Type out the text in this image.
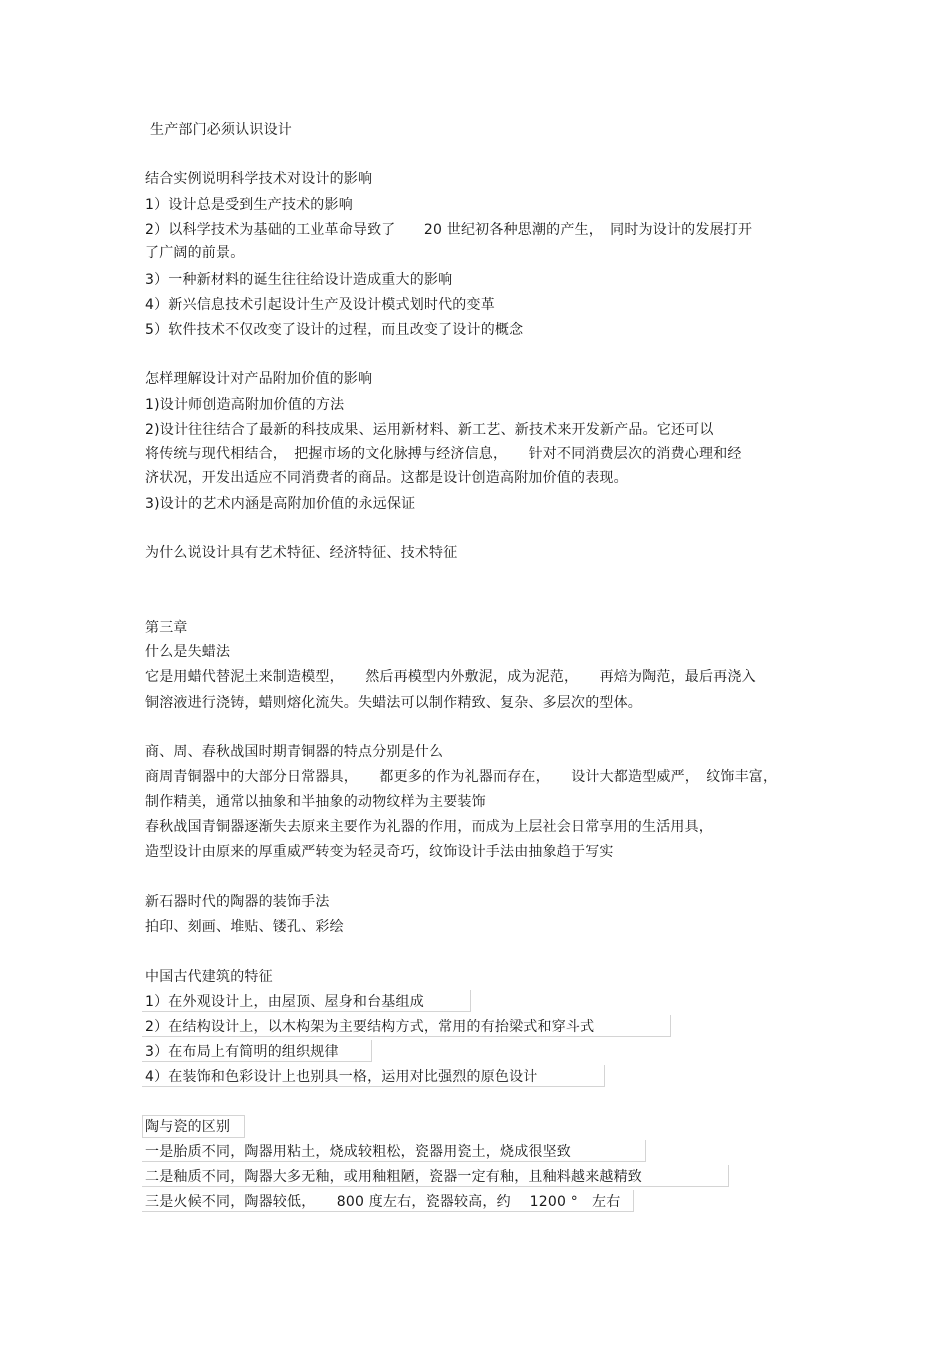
生产部门必须认识设计
结合实例说明科学技术对设计的影响
1）设计总是受到生产技术的影响
2）以科学技术为基础的工业革命导致了　　20 世纪初各种思潮的产生，　同时为设计的发展打开
了广阔的前景。
3）一种新材料的诞生往往给设计造成重大的影响
4）新兴信息技术引起设计生产及设计模式划时代的变革
5）软件技术不仅改变了设计的过程，而且改变了设计的概念
怎样理解设计对产品附加价值的影响
1)设计师创造高附加价值的方法
2)设计往往结合了最新的科技成果、运用新材料、新工艺、新技术来开发新产品。它还可以
将传统与现代相结合，　把握市场的文化脉搏与经济信息，　　针对不同消费层次的消费心理和经
济状况，开发出适应不同消费者的商品。这都是设计创造高附加价值的表现。
3)设计的艺术内涵是高附加价值的永远保证
为什么说设计具有艺术特征、经济特征、技术特征
第三章
什么是失蜡法
它是用蜡代替泥土来制造模型，　　然后再模型内外敷泥，成为泥范，　　再焙为陶范，最后再浇入
铜溶液进行浇铸，蜡则熔化流失。失蜡法可以制作精致、复杂、多层次的型体。
商、周、春秋战国时期青铜器的特点分别是什么
商周青铜器中的大部分日常器具，　　都更多的作为礼器而存在，　　设计大都造型威严，　纹饰丰富，
制作精美，通常以抽象和半抽象的动物纹样为主要装饰
春秋战国青铜器逐渐失去原来主要作为礼器的作用，而成为上层社会日常享用的生活用具，
造型设计由原来的厚重威严转变为轻灵奇巧，纹饰设计手法由抽象趋于写实
新石器时代的陶器的装饰手法
拍印、刻画、堆贴、镂孔、彩绘
中国古代建筑的特征
1）在外观设计上，由屋顶、屋身和台基组成
2）在结构设计上，以木构架为主要结构方式，常用的有抬梁式和穿斗式
3）在布局上有简明的组织规律
4）在装饰和色彩设计上也别具一格，运用对比强烈的原色设计
陶与瓷的区别
一是胎质不同，陶器用粘土，烧成较粗松，瓷器用瓷土，烧成很坚致
二是釉质不同，陶器大多无釉，或用釉粗陋，瓷器一定有釉，且釉料越来越精致
三是火候不同，陶器较低，　　800 度左右，瓷器较高，约　 1200 °　左右
